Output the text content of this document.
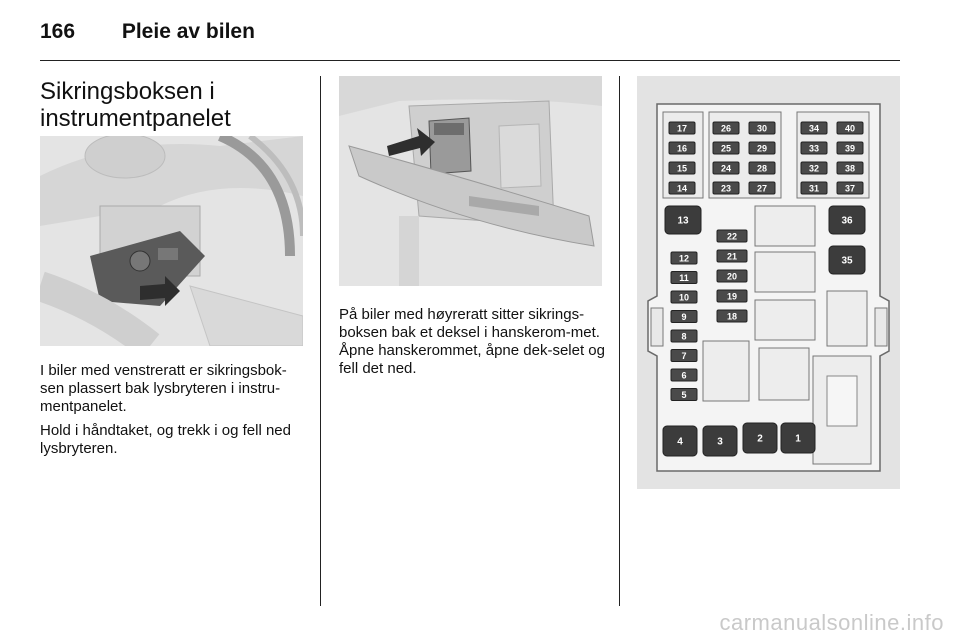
166 Pleie av bilen
Sikringsboksen i instrumentpanelet

I biler med venstreratt er sikringsbok-sen plassert bak lysbryteren i instru-mentpanelet.

Hold i håndtaket, og trekk i og fell ned lysbryteren.

På biler med høyreratt sitter sikrings-boksen bak et deksel i hanskerom-met. Åpne hanskerommet, åpne dek-selet og fell det ned.

17
16
15
14
26
25
24
23
30
29
28
27
34
33
32
31
40
39
38
37
13	36
35
22
21
20
19
18
12
11
10
9
8
7
6
5
4	3	2	1
carmanualsonline.info
